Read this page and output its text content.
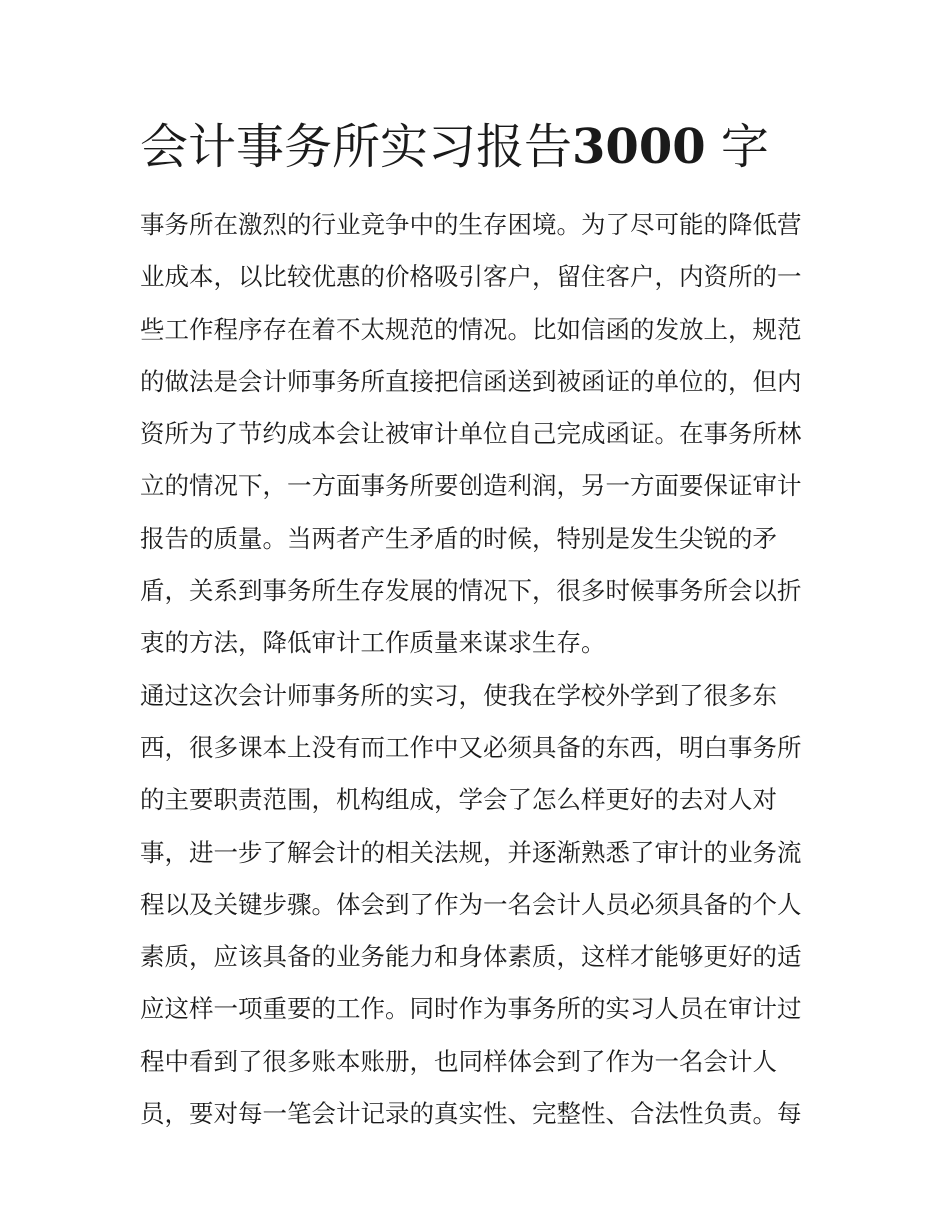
会计事务所实习报告3000 字
事务所在激烈的行业竞争中的生存困境。为了尽可能的降低营
业成本，以比较优惠的价格吸引客户，留住客户，内资所的一
些工作程序存在着不太规范的情况。比如信函的发放上，规范
的做法是会计师事务所直接把信函送到被函证的单位的，但内
资所为了节约成本会让被审计单位自己完成函证。在事务所林
立的情况下，一方面事务所要创造利润，另一方面要保证审计
报告的质量。当两者产生矛盾的时候，特别是发生尖锐的矛
盾，关系到事务所生存发展的情况下，很多时候事务所会以折
衷的方法，降低审计工作质量来谋求生存。
通过这次会计师事务所的实习，使我在学校外学到了很多东
西，很多课本上没有而工作中又必须具备的东西，明白事务所
的主要职责范围，机构组成，学会了怎么样更好的去对人对
事，进一步了解会计的相关法规，并逐渐熟悉了审计的业务流
程以及关键步骤。体会到了作为一名会计人员必须具备的个人
素质，应该具备的业务能力和身体素质，这样才能够更好的适
应这样一项重要的工作。同时作为事务所的实习人员在审计过
程中看到了很多账本账册，也同样体会到了作为一名会计人
员，要对每一笔会计记录的真实性、完整性、合法性负责。每
